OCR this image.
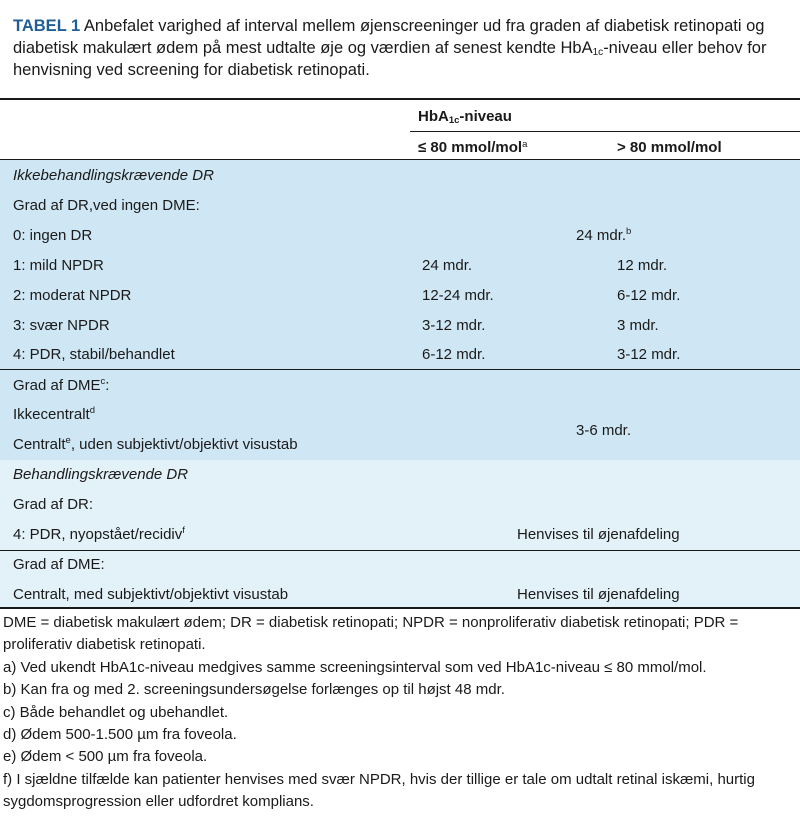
TABEL 1 Anbefalet varighed af interval mellem øjenscreeninger ud fra graden af diabetisk retinopati og diabetisk makulært ødem på mest udtalte øje og værdien af senest kendte HbA$_{1c}$-niveau eller behov for henvisning ved screening for diabetisk retinopati.
HbA$_{1c}$-niveau
≤ 80 mmol/mol$^a$	> 80 mmol/mol
Ikkebehandlingskrævende DR
Grad af DR,ved ingen DME:
0: ingen DR	24 mdr.$^b$
1: mild NPDR	24 mdr.	12 mdr.
2: moderat NPDR	12-24 mdr.	6-12 mdr.
3: svær NPDR	3-12 mdr.	3 mdr.
4: PDR, stabil/behandlet	6-12 mdr.	3-12 mdr.
Grad af DME$^c$:
Ikkecentralt$^d$
Centralt$^e$, uden subjektivt/objektivt visustab
3-6 mdr.
Behandlingskrævende DR
Grad af DR:
4: PDR, nyopstået/recidiv$^f$	Henvises til øjenafdeling
Grad af DME:
Centralt, med subjektivt/objektivt visustab	Henvises til øjenafdeling

DME = diabetisk makulært ødem; DR = diabetisk retinopati; NPDR = nonproliferativ diabetisk retinopati; PDR = proliferativ diabetisk retinopati.

a) Ved ukendt HbA1c-niveau medgives samme screeningsinterval som ved HbA1c-niveau ≤ 80 mmol/mol.

b) Kan fra og med 2. screeningsundersøgelse forlænges op til højst 48 mdr.

c) Både behandlet og ubehandlet.

d) Ødem 500-1.500 µm fra foveola.

e) Ødem < 500 µm fra foveola.

f) I sjældne tilfælde kan patienter henvises med svær NPDR, hvis der tillige er tale om udtalt retinal iskæmi, hurtig sygdomsprogression eller udfordret komplians.
